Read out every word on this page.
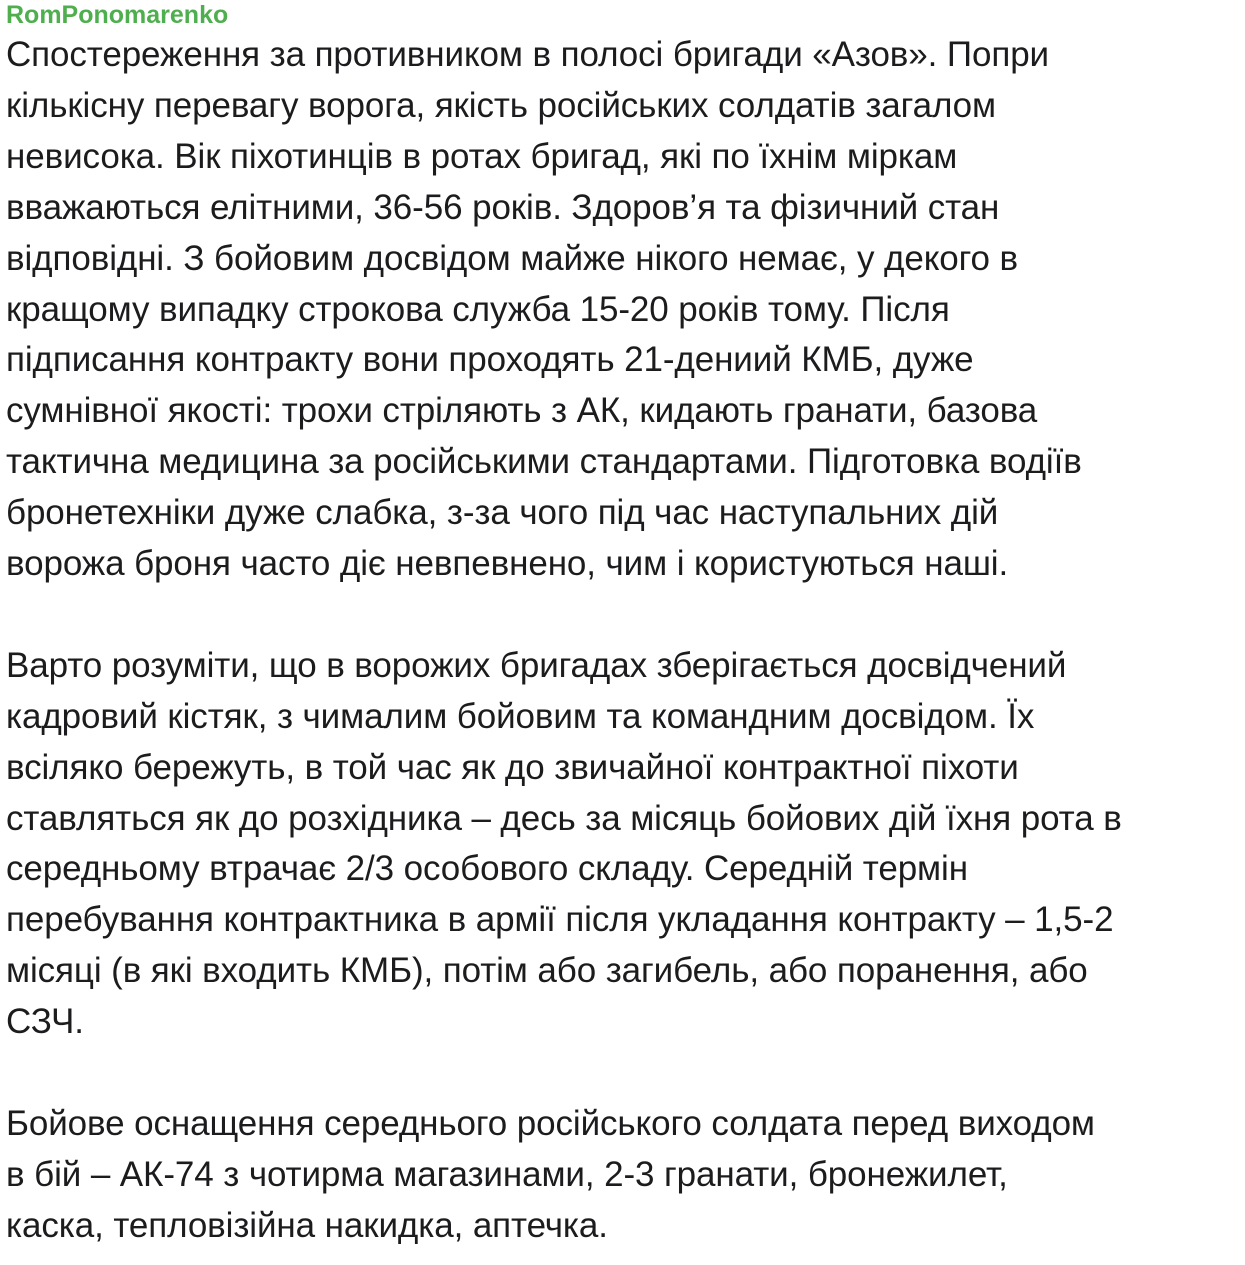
RomPonomarenko
Спостереження за противником в полосі бригади «Азов». Попри
кількісну перевагу ворога, якість російських солдатів загалом
невисока. Вік піхотинців в ротах бригад, які по їхнім міркам
вважаються елітними, 36-56 років. Здоров’я та фізичний стан
відповідні. З бойовим досвідом майже нікого немає, у декого в
кращому випадку строкова служба 15-20 років тому. Після
підписання контракту вони проходять 21-дениий КМБ, дуже
сумнівної якості: трохи стріляють з АК, кидають гранати, базова
тактична медицина за російськими стандартами. Підготовка водіїв
бронетехніки дуже слабка, з-за чого під час наступальних дій
ворожа броня часто діє невпевнено, чим і користуються наші.
Варто розуміти, що в ворожих бригадах зберігається досвідчений
кадровий кістяк, з чималим бойовим та командним досвідом. Їх
всіляко бережуть, в той час як до звичайної контрактної піхоти
ставляться як до розхідника – десь за місяць бойових дій їхня рота в
середньому втрачає 2/3 особового складу. Середній термін
перебування контрактника в армії після укладання контракту – 1,5-2
місяці (в які входить КМБ), потім або загибель, або поранення, або
СЗЧ.
Бойове оснащення середнього російського солдата перед виходом
в бій – АК-74 з чотирма магазинами, 2-3 гранати, бронежилет,
каска, тепловізійна накидка, аптечка.
